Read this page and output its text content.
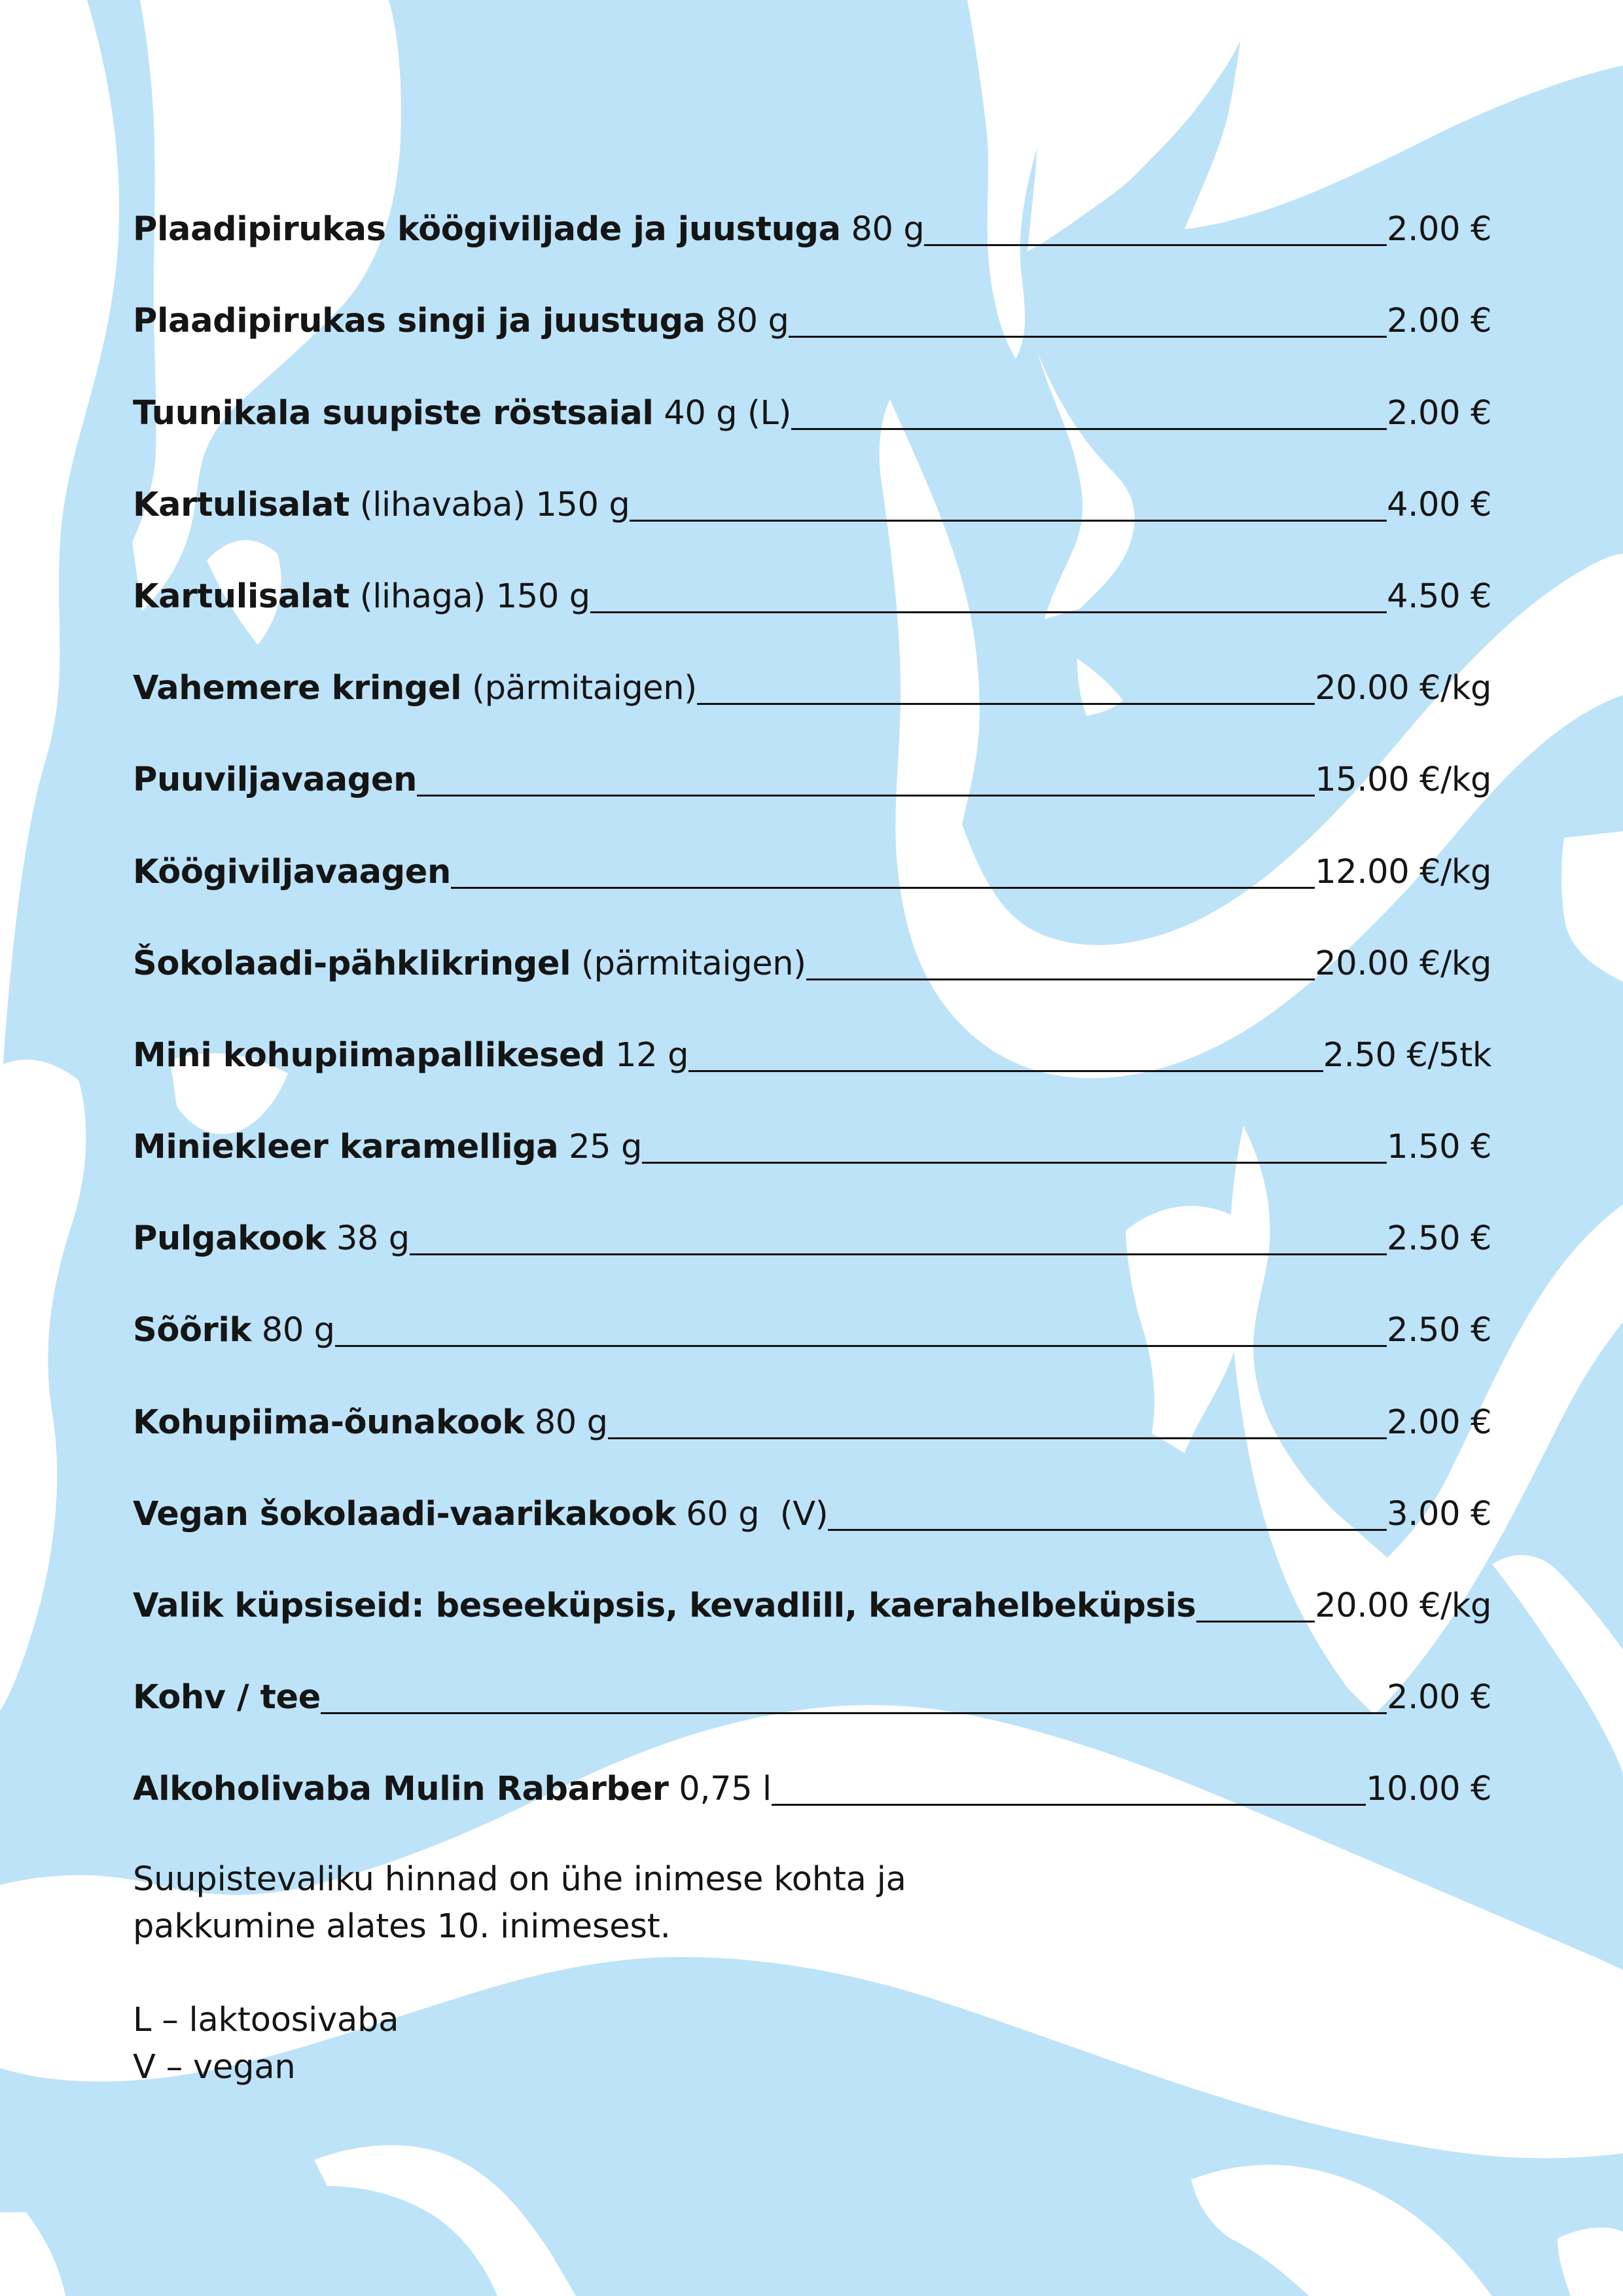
Plaadipirukas köögiviljade ja juustuga 80 g	2.00 €
Plaadipirukas singi ja juustuga 80 g	2.00 €
Tuunikala suupiste röstsaial 40 g (L)	2.00 €
Kartulisalat (lihavaba) 150 g	4.00 €
Kartulisalat (lihaga) 150 g	4.50 €
Vahemere kringel (pärmitaigen)	20.00 €/kg
Puuviljavaagen	15.00 €/kg
Köögiviljavaagen	12.00 €/kg
Šokolaadi-pähklikringel (pärmitaigen)	20.00 €/kg
Mini kohupiimapallikesed 12 g	2.50 €/5tk
Miniekleer karamelliga 25 g	1.50 €
Pulgakook 38 g	2.50 €
Sõõrik 80 g	2.50 €
Kohupiima-õunakook 80 g	2.00 €
Vegan šokolaadi-vaarikakook 60 g  (V)	3.00 €
Valik küpsiseid: beseeküpsis, kevadlill, kaerahelbeküpsis	20.00 €/kg
Kohv / tee	2.00 €
Alkoholivaba Mulin Rabarber 0,75 l	10.00 €

Suupistevaliku hinnad on ühe inimese kohta ja

pakkumine alates 10. inimesest.

L – laktoosivaba

V – vegan
